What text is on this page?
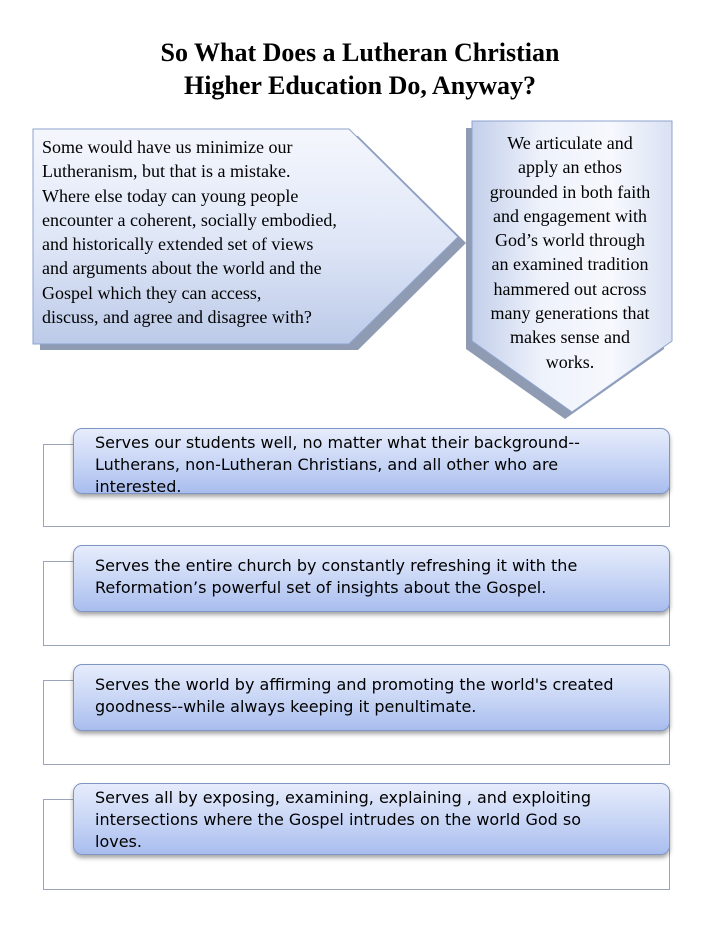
So What Does a Lutheran Christian
Higher Education Do, Anyway?
Some would have us minimize our
Lutheranism, but that is a mistake.
Where else today can young people
encounter a coherent, socially embodied,
and historically extended set of views
and arguments about the world and the
Gospel which they can access,
discuss, and agree and disagree with?
We articulate and
apply an ethos
grounded in both faith
and engagement with
God’s world through
an examined tradition
hammered out across
many generations that
makes sense and
works.
Serves our students well, no matter what their background--
Lutherans, non-Lutheran Christians, and all other who are
interested.
Serves the entire church by constantly refreshing it with the
Reformation’s powerful set of insights about the Gospel.
Serves the world by affirming and promoting the world's created
goodness--while always keeping it penultimate.
Serves all by exposing, examining, explaining , and exploiting
intersections where the Gospel intrudes on the world God so
loves.
